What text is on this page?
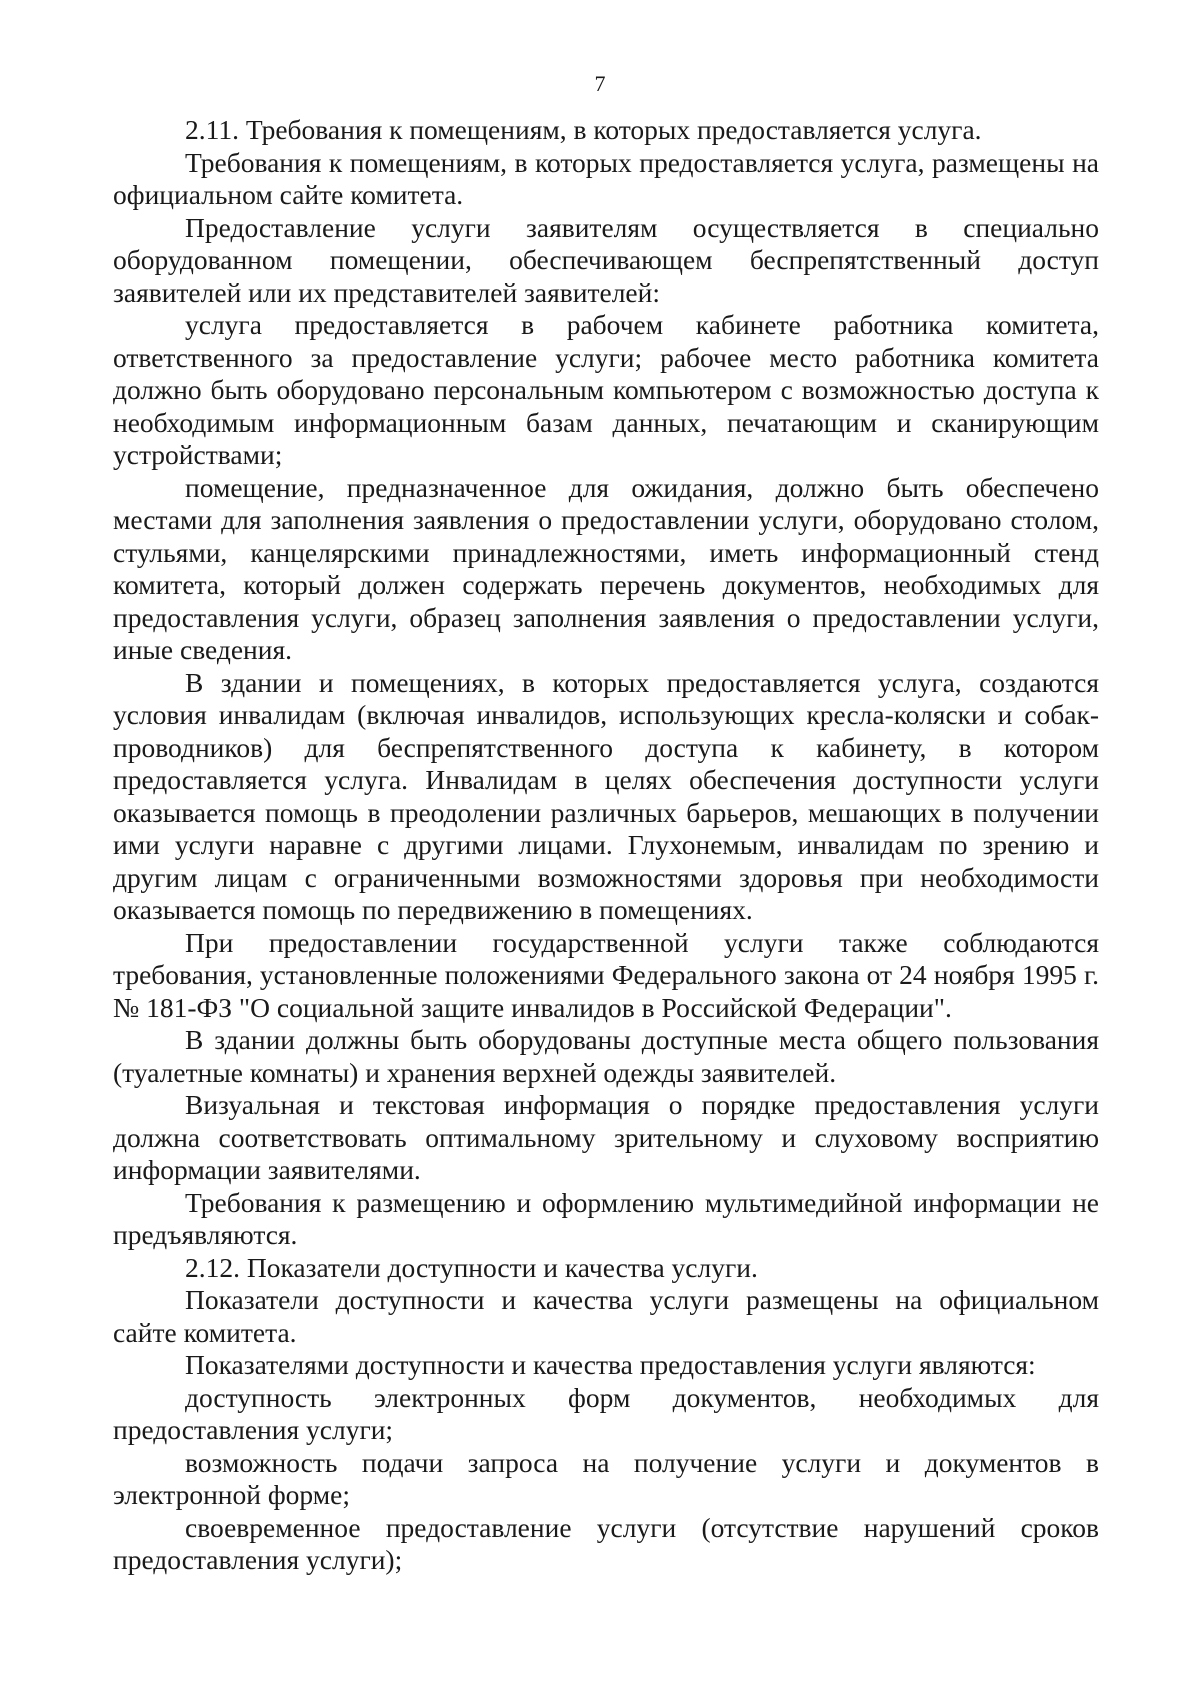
7

2.11. Требования к помещениям, в которых предоставляется услуга.

Требования к помещениям, в которых предоставляется услуга, размещены на официальном сайте комитета.

Предоставление услуги заявителям осуществляется в специально оборудованном помещении, обеспечивающем беспрепятственный доступ заявителей или их представителей заявителей:

услуга предоставляется в рабочем кабинете работника комитета, ответственного за предоставление услуги; рабочее место работника комитета должно быть оборудовано персональным компьютером с возможностью доступа к необходимым информационным базам данных, печатающим и сканирующим устройствами;

помещение, предназначенное для ожидания, должно быть обеспечено местами для заполнения заявления о предоставлении услуги, оборудовано столом, стульями, канцелярскими принадлежностями, иметь информационный стенд комитета, который должен содержать перечень документов, необходимых для предоставления услуги, образец заполнения заявления о предоставлении услуги, иные сведения.

В здании и помещениях, в которых предоставляется услуга, создаются условия инвалидам (включая инвалидов, использующих кресла-коляски и собак-проводников) для беспрепятственного доступа к кабинету, в котором предоставляется услуга. Инвалидам в целях обеспечения доступности услуги оказывается помощь в преодолении различных барьеров, мешающих в получении ими услуги наравне с другими лицами. Глухонемым, инвалидам по зрению и другим лицам с ограниченными возможностями здоровья при необходимости оказывается помощь по передвижению в помещениях.

При предоставлении государственной услуги также соблюдаются требования, установленные положениями Федерального закона от 24 ноября 1995 г. № 181-ФЗ "О социальной защите инвалидов в Российской Федерации".

В здании должны быть оборудованы доступные места общего пользования (туалетные комнаты) и хранения верхней одежды заявителей.

Визуальная и текстовая информация о порядке предоставления услуги должна соответствовать оптимальному зрительному и слуховому восприятию информации заявителями.

Требования к размещению и оформлению мультимедийной информации не предъявляются.

2.12. Показатели доступности и качества услуги.

Показатели доступности и качества услуги размещены на официальном сайте комитета.

Показателями доступности и качества предоставления услуги являются:

доступность электронных форм документов, необходимых для предоставления услуги;

возможность подачи запроса на получение услуги и документов в электронной форме;

своевременное предоставление услуги (отсутствие нарушений сроков предоставления услуги);
